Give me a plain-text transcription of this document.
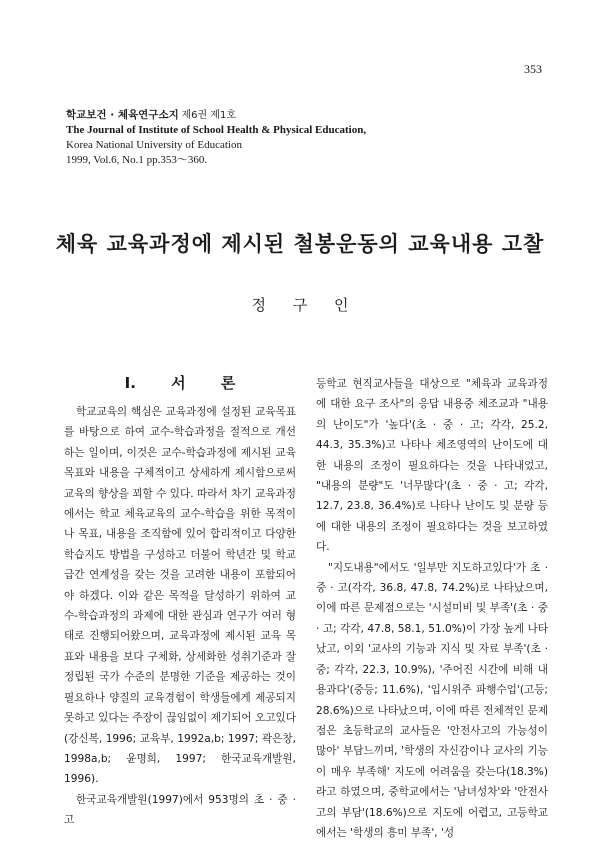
353
학교보건 · 체육연구소지 제6권 제1호
The Journal of Institute of School Health & Physical Education,
Korea National University of Education
1999, Vol.6, No.1 pp.353～360.
체육 교육과정에 제시된 철봉운동의 교육내용 고찰
정 구 인
Ⅰ. 서 론

학교교육의 핵심은 교육과정에 설정된 교육목표를 바탕으로 하여 교수-학습과정을 절적으로 개선하는 일이며, 이것은 교수-학습과정에 제시된 교육목표와 내용을 구체적이고 상세하게 제시함으로써 교육의 향상을 꾀할 수 있다. 따라서 차기 교육과정에서는 학교 체육교육의 교수-학습을 위한 목적이나 목표, 내용을 조직함에 있어 합리적이고 다양한 학습지도 방법을 구성하고 더불어 학년간 및 학교급간 연계성을 갖는 것을 고려한 내용이 포함되어야 하겠다. 이와 같은 목적을 달성하기 위하여 교수-학습과정의 과제에 대한 관심과 연구가 여러 형태로 진행되어왔으며, 교육과정에 제시된 교육 목표와 내용을 보다 구체화, 상세화한 성취기준과 잘 정립된 국가 수준의 분명한 기준을 제공하는 것이 필요하나 양질의 교육경험이 학생들에게 제공되지 못하고 있다는 주장이 끊임없이 제기되어 오고있다(강신복, 1996; 교육부, 1992a,b; 1997; 곽은창, 1998a,b; 윤명희, 1997; 한국교육개발원, 1996).

한국교육개발원(1997)에서 953명의 초 · 중 · 고

등학교 현직교사들을 대상으로 "체육과 교육과정에 대한 요구 조사"의 응답 내용중 체조교과 "내용의 난이도"가 '높다'(초 · 중 · 고; 각각, 25.2, 44.3, 35.3%)고 나타나 체조영역의 난이도에 대한 내용의 조정이 필요하다는 것을 나타내었고, "내용의 분량"도 '너무많다'(초 · 중 · 고; 각각, 12.7, 23.8, 36.4%)로 나타나 난이도 및 분량 등에 대한 내용의 조정이 필요하다는 것을 보고하였다.

"지도내용"에서도 '일부만 지도하고있다'가 초 · 중 · 고(각각, 36.8, 47.8, 74.2%)로 나타났으며, 이에 따른 문제점으로는 '시설미비 및 부족'(초 · 중 · 고; 각각, 47.8, 58.1, 51.0%)이 가장 높게 나타났고, 이외 '교사의 기능과 지식 및 자료 부족'(초 · 중; 각각, 22.3, 10.9%), '주어진 시간에 비해 내용과다'(중등; 11.6%), '입시위주 파행수업'(고등; 28.6%)으로 나타났으며, 이에 따른 전체적인 문제점은 초등학교의 교사들은 '안전사고의 가능성이 많아' 부담느끼며, '학생의 자신감이나 교사의 기능이 매우 부족해' 지도에 어려움을 갖는다(18.3%)라고 하였으며, 중학교에서는 '남녀성차'와 '안전사고의 부담'(18.6%)으로 지도에 어렵고, 고등학교에서는 '학생의 흥미 부족', '성
